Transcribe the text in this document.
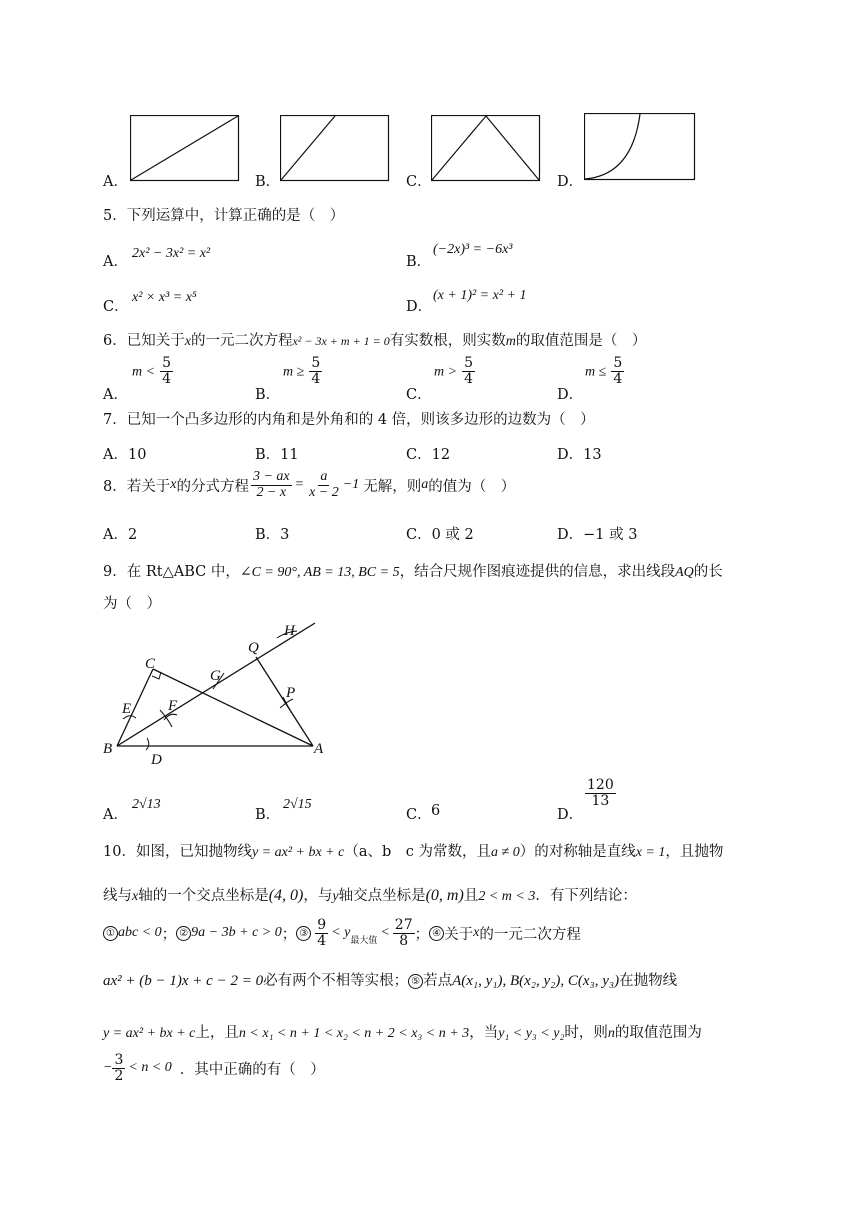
A．	B．	C．	D．
5．下列运算中，计算正确的是（　）
A．
2x² − 3x² = x²
B．
(−2x)³ = −6x³
C．
x² × x³ = x⁵
D．
(x + 1)² = x² + 1
6．已知关于x的一元二次方程x² − 3x + m + 1 = 0有实数根，则实数m的取值范围是（　）
A．
$m < \frac{5}{4}$
B．
$m \ge \frac{5}{4}$
C．
$m > \frac{5}{4}$
D．
$m \le \frac{5}{4}$
7．已知一个凸多边形的内角和是外角和的 4 倍，则该多边形的边数为（　）
A．10	B．11	C．12	D．13
8．若关于 x 的分式方程 $\frac{3 - ax}{2 - x} = \frac{a}{x - 2} -1$ 无解，则 a 的值为（　）
A．2	B．3	C．0 或 2	D．−1 或 3
9．在 Rt△ABC 中，∠C = 90°, AB = 13, BC = 5，结合尺规作图痕迹提供的信息，求出线段AQ的长
为（　）
C
Q
H
G
P
E F
B
D
A
A．
2√13
B．
2√15
C． 6	D．
$\frac{120}{13}$
10．如图，已知抛物线y = ax² + bx + c（a、b　c 为常数，且a ≠ 0）的对称轴是直线x = 1，且抛物
线与x轴的一个交点坐标是(4, 0)，与y轴交点坐标是(0, m)且2 < m < 3．有下列结论：
① abc < 0 ； ② 9a − 3b + c > 0 ； ③ $\frac{9}{4} < y$
最大值
< $\frac{27}{8}$ ； ④ 关于 x 的一元二次方程
ax² + (b − 1)x + c − 2 = 0必有两个不相等实根； ⑤ 若点A(x₁, y₁), B(x₂, y₂), C(x₃, y₃)在抛物线
y = ax² + bx + c上，且n < x₁ < n + 1 < x₂ < n + 2 < x₃ < n + 3，当y₁ < y₃ < y₂时，则n的取值范围为
− $\frac{3}{2} < n < 0$ ．其中正确的有（　）
